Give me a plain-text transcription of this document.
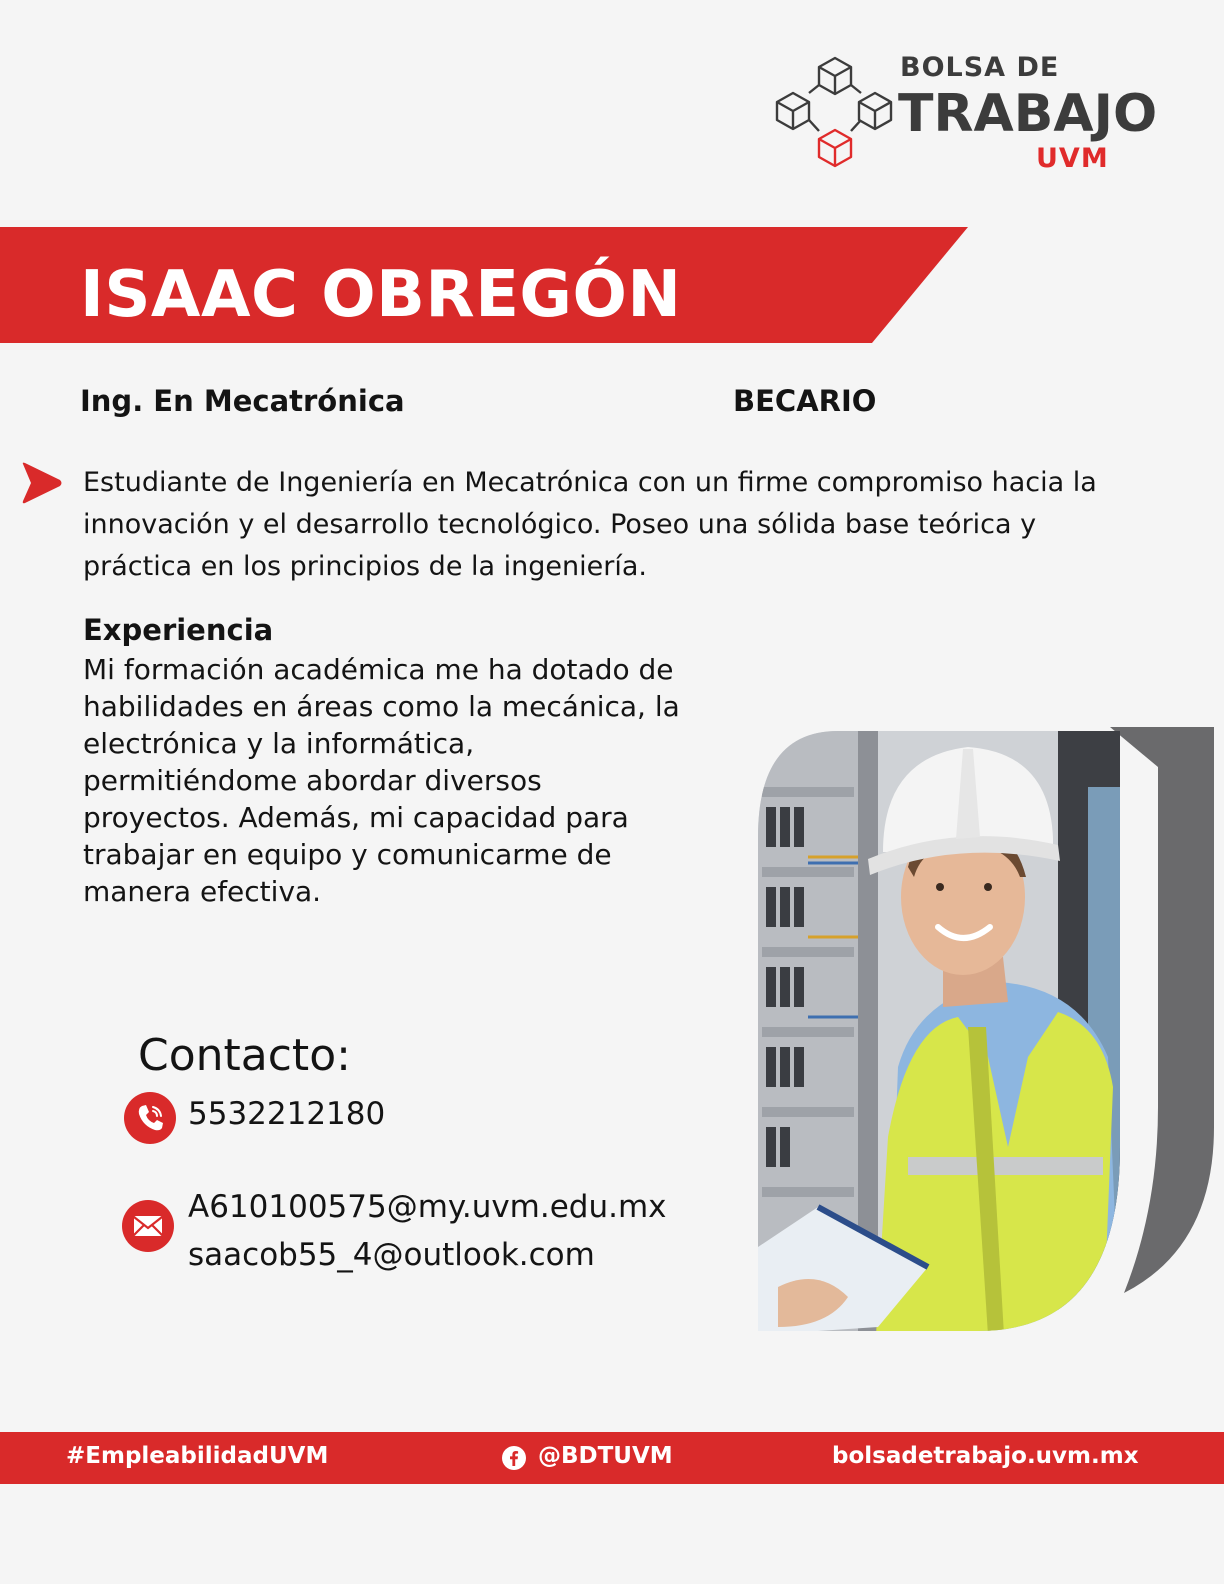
BOLSA DE
TRABAJO
UVM
ISAAC OBREGÓN
Ing. En Mecatrónica	BECARIO
Estudiante de Ingeniería en Mecatrónica con un firme compromiso hacia la innovación y el desarrollo tecnológico. Poseo una sólida base teórica y práctica en los principios de la ingeniería.
Experiencia
Mi formación académica me ha dotado de habilidades en áreas como la mecánica, la electrónica y la informática, permitiéndome abordar diversos proyectos. Además, mi capacidad para trabajar en equipo y comunicarme de manera efectiva.
Contacto:
5532212180
A610100575@my.uvm.edu.mx
saacob55_4@outlook.com
#EmpleabilidadUVM	@BDTUVM	bolsadetrabajo.uvm.mx
